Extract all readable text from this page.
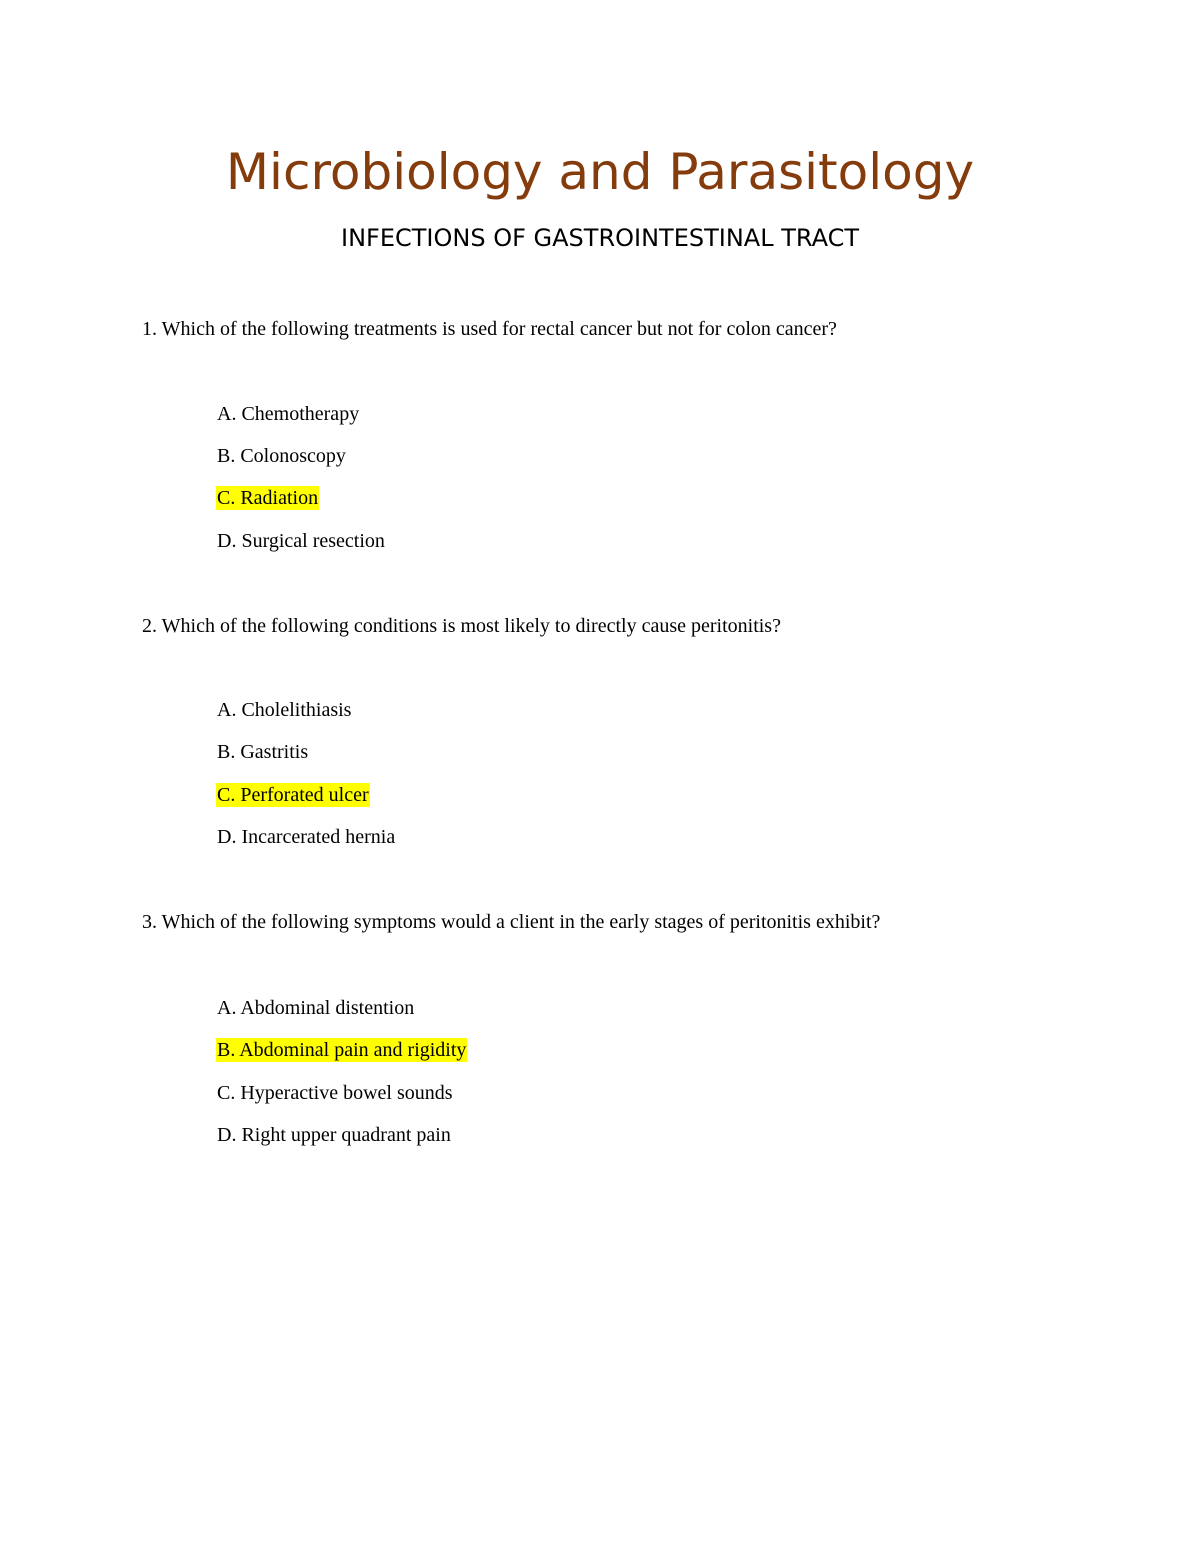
Microbiology and Parasitology
INFECTIONS OF GASTROINTESTINAL TRACT

1. Which of the following treatments is used for rectal cancer but not for colon cancer?

A. Chemotherapy

B. Colonoscopy

C. Radiation

D. Surgical resection

2. Which of the following conditions is most likely to directly cause peritonitis?

A. Cholelithiasis

B. Gastritis

C. Perforated ulcer

D. Incarcerated hernia

3. Which of the following symptoms would a client in the early stages of peritonitis exhibit?

A. Abdominal distention

B. Abdominal pain and rigidity

C. Hyperactive bowel sounds

D. Right upper quadrant pain
